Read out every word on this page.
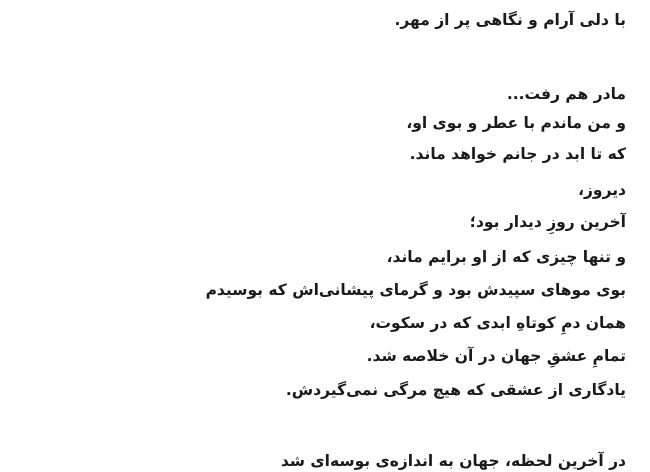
با دلی آرام و نگاهی پر از مهر.
مادر هم رفت...
و من ماندم با عطر و بوی او،
که تا ابد در جانم خواهد ماند.
دیروز،
آخرین روزِ دیدار بود؛
و تنها چیزی که از او برایم ماند،
بوی موهای سپیدش بود و گرمای پیشانی‌اش که بوسیدم
همان دمِ کوتاهِ ابدی که در سکوت،
تمامِ عشقِ جهان در آن خلاصه شد.
یادگاری از عشقی که هیچ مرگی نمی‌گیردش.
در آخرین لحظه، جهان به اندازه‌ی بوسه‌ای شد
